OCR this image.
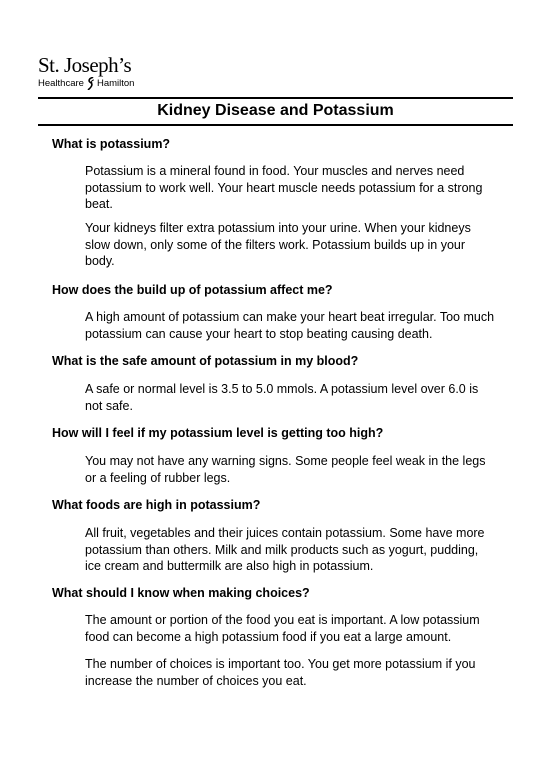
St. Joseph’s
Healthcare Hamilton
Kidney Disease and Potassium
What is potassium?
Potassium is a mineral found in food. Your muscles and nerves need potassium to work well. Your heart muscle needs potassium for a strong beat.
Your kidneys filter extra potassium into your urine. When your kidneys slow down, only some of the filters work. Potassium builds up in your body.
How does the build up of potassium affect me?
A high amount of potassium can make your heart beat irregular. Too much potassium can cause your heart to stop beating causing death.
What is the safe amount of potassium in my blood?
A safe or normal level is 3.5 to 5.0 mmols. A potassium level over 6.0 is not safe.
How will I feel if my potassium level is getting too high?
You may not have any warning signs. Some people feel weak in the legs or a feeling of rubber legs.
What foods are high in potassium?
All fruit, vegetables and their juices contain potassium. Some have more potassium than others. Milk and milk products such as yogurt, pudding, ice cream and buttermilk are also high in potassium.
What should I know when making choices?
The amount or portion of the food you eat is important. A low potassium food can become a high potassium food if you eat a large amount.
The number of choices is important too. You get more potassium if you increase the number of choices you eat.
